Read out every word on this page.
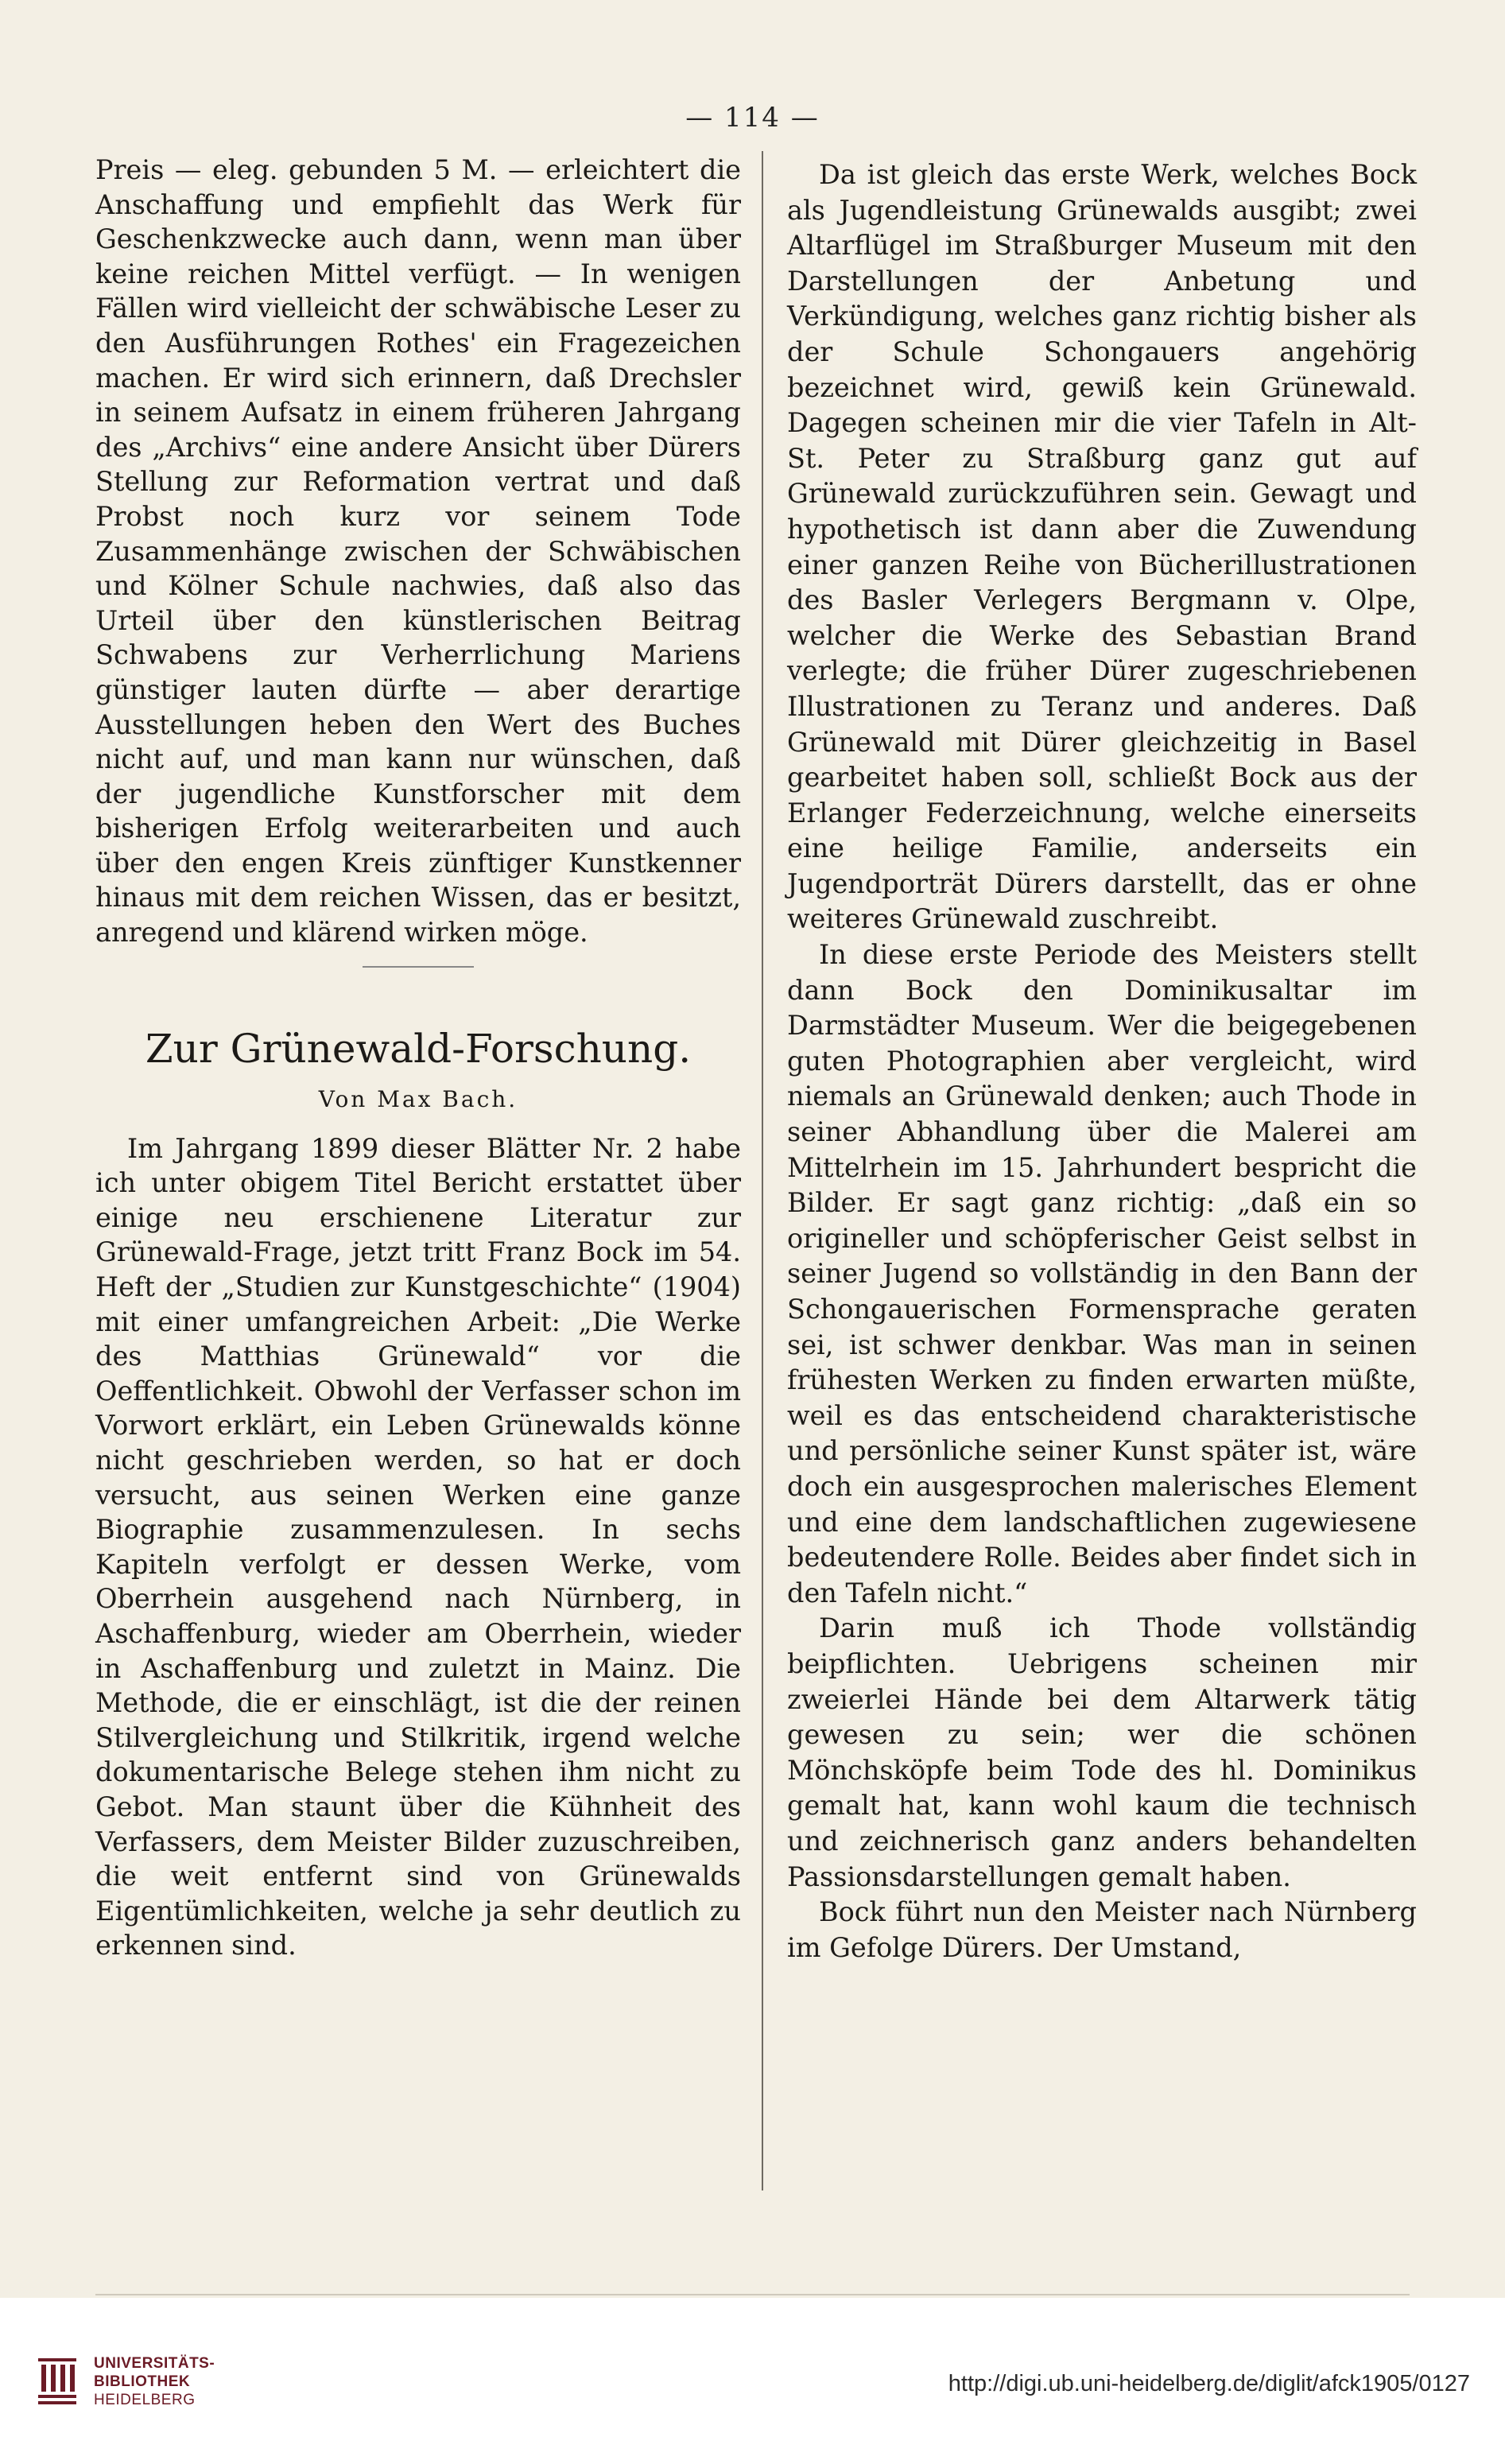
— 114 —

Preis — eleg. gebunden 5 M. — erleichtert die Anschaffung und empfiehlt das Werk für Geschenkzwecke auch dann, wenn man über keine reichen Mittel verfügt. — In wenigen Fällen wird vielleicht der schwäbische Leser zu den Ausführungen Rothes' ein Fragezeichen machen. Er wird sich erinnern, daß Drechsler in seinem Aufsatz in einem früheren Jahrgang des „Archivs“ eine andere Ansicht über Dürers Stellung zur Reformation vertrat und daß Probst noch kurz vor seinem Tode Zusammenhänge zwischen der Schwäbischen und Kölner Schule nachwies, daß also das Urteil über den künstlerischen Beitrag Schwabens zur Verherrlichung Mariens günstiger lauten dürfte — aber derartige Ausstellungen heben den Wert des Buches nicht auf, und man kann nur wünschen, daß der jugendliche Kunstforscher mit dem bisherigen Erfolg weiterarbeiten und auch über den engen Kreis zünftiger Kunstkenner hinaus mit dem reichen Wissen, das er besitzt, anregend und klärend wirken möge.

Zur Grünewald-Forschung.
Von Max Bach.

Im Jahrgang 1899 dieser Blätter Nr. 2 habe ich unter obigem Titel Bericht erstattet über einige neu erschienene Literatur zur Grünewald-Frage, jetzt tritt Franz Bock im 54. Heft der „Studien zur Kunstgeschichte“ (1904) mit einer umfangreichen Arbeit: „Die Werke des Matthias Grünewald“ vor die Oeffentlichkeit. Obwohl der Verfasser schon im Vorwort erklärt, ein Leben Grünewalds könne nicht geschrieben werden, so hat er doch versucht, aus seinen Werken eine ganze Biographie zusammenzulesen. In sechs Kapiteln verfolgt er dessen Werke, vom Oberrhein ausgehend nach Nürnberg, in Aschaffenburg, wieder am Oberrhein, wieder in Aschaffenburg und zuletzt in Mainz. Die Methode, die er einschlägt, ist die der reinen Stilvergleichung und Stilkritik, irgend welche dokumentarische Belege stehen ihm nicht zu Gebot. Man staunt über die Kühnheit des Verfassers, dem Meister Bilder zuzuschreiben, die weit entfernt sind von Grünewalds Eigentümlichkeiten, welche ja sehr deutlich zu erkennen sind.

Da ist gleich das erste Werk, welches Bock als Jugendleistung Grünewalds ausgibt; zwei Altarflügel im Straßburger Museum mit den Darstellungen der Anbetung und Verkündigung, welches ganz richtig bisher als der Schule Schongauers angehörig bezeichnet wird, gewiß kein Grünewald. Dagegen scheinen mir die vier Tafeln in Alt-St. Peter zu Straßburg ganz gut auf Grünewald zurückzuführen sein. Gewagt und hypothetisch ist dann aber die Zuwendung einer ganzen Reihe von Bücherillustrationen des Basler Verlegers Bergmann v. Olpe, welcher die Werke des Sebastian Brand verlegte; die früher Dürer zugeschriebenen Illustrationen zu Teranz und anderes. Daß Grünewald mit Dürer gleichzeitig in Basel gearbeitet haben soll, schließt Bock aus der Erlanger Federzeichnung, welche einerseits eine heilige Familie, anderseits ein Jugendporträt Dürers darstellt, das er ohne weiteres Grünewald zuschreibt.

In diese erste Periode des Meisters stellt dann Bock den Dominikusaltar im Darmstädter Museum. Wer die beigegebenen guten Photographien aber vergleicht, wird niemals an Grünewald denken; auch Thode in seiner Abhandlung über die Malerei am Mittelrhein im 15. Jahrhundert bespricht die Bilder. Er sagt ganz richtig: „daß ein so origineller und schöpferischer Geist selbst in seiner Jugend so vollständig in den Bann der Schongauerischen Formensprache geraten sei, ist schwer denkbar. Was man in seinen frühesten Werken zu finden erwarten müßte, weil es das entscheidend charakteristische und persönliche seiner Kunst später ist, wäre doch ein ausgesprochen malerisches Element und eine dem landschaftlichen zugewiesene bedeutendere Rolle. Beides aber findet sich in den Tafeln nicht.“

Darin muß ich Thode vollständig beipflichten. Uebrigens scheinen mir zweierlei Hände bei dem Altarwerk tätig gewesen zu sein; wer die schönen Mönchsköpfe beim Tode des hl. Dominikus gemalt hat, kann wohl kaum die technisch und zeichnerisch ganz anders behandelten Passionsdarstellungen gemalt haben.

Bock führt nun den Meister nach Nürnberg im Gefolge Dürers. Der Umstand,

UNIVERSITÄTS-
BIBLIOTHEK
HEIDELBERG
http://digi.ub.uni-heidelberg.de/diglit/afck1905/0127
